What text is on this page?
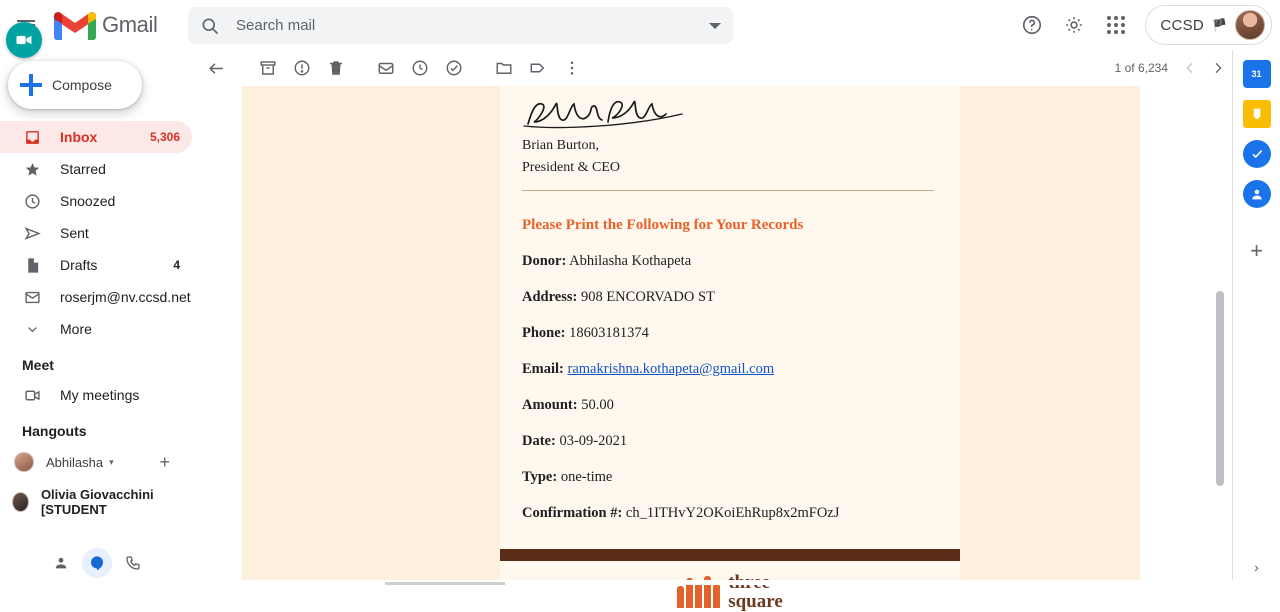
Gmail
Search mail	CCSD 🏴
Compose
Inbox	5,306
Starred
Snoozed
Sent
Drafts	4
roserjm@nv.ccsd.net
More
Meet
My meetings
Hangouts
Abhilasha ▾	+
Olivia Giovacchini [STUDENT
1 of 6,234
Brian Burton,
President & CEO
Please Print the Following for Your Records
Donor: Abhilasha Kothapeta
Address: 908 ENCORVADO ST
Phone: 18603181374
Email: ramakrishna.kothapeta@gmail.com
Amount: 50.00
Date: 03-09-2021
Type: one-time
Confirmation #: ch_1ITHvY2OKoiEhRup8x2mFOzJ
square
31
+
›
